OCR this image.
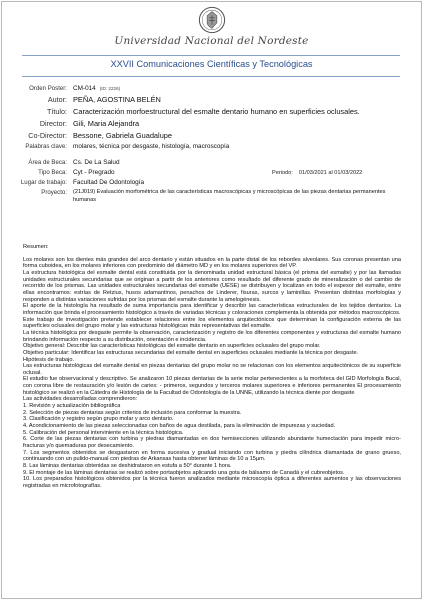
Universidad Nacional del Nordeste
XXVII Comunicaciones Científicas y Tecnológicas
Orden Poster: CM-014 (ID: 2226)
Autor: PEÑA, AGOSTINA BELÉN
Título: Caracterización morfoestructural del esmalte dentario humano en superficies oclusales.
Director: Gili, Maria Alejandra
Co-Director: Bessone, Gabriela Guadalupe
Palabras clave: molares, técnica por desgaste, histología, macroscopía
Área de Beca: Cs. De La Salud
Tipo Beca: Cyt - Pregrado	Periodo: 01/03/2021 al 01/03/2022
Lugar de trabajo: Facultad De Odontología
Proyecto: (21J019) Evaluación morfométrica de las características macroscópicas y microscópicas de las piezas dentarias permanentes humanas

Resumen:

Los molares son los dientes más grandes del arco dentario y están situados en la parte distal de los rebordes alveolares. Sus coronas presentan una forma cuboidea, en los molares inferiores con predominio del diámetro MD y en los molares superiores del VP.

La estructura histológica del esmalte dental está constituida por la denominada unidad estructural básica (el prisma del esmalte) y por las llamadas unidades estructurales secundarias que se originan a partir de los anteriores como resultado del diferente grado de mineralización o del cambio de recorrido de los prismas. Las unidades estructurales secundarias del esmalte (UESE) se distribuyen y localizan en todo el espesor del esmalte, entre ellas encontramos: estrías de Retzius, husos adamantinos, penachos de Linderer, fisuras, surcos y laminillas. Presentan distintas morfologías y responden a distintas variaciones sufridas por los prismas del esmalte durante la amelogénesis.

El aporte de la histología ha resultado de suma importancia para identificar y describir las características estructurales de los tejidos dentarios. La información que brinda el procesamiento histológico a través de variadas técnicas y coloraciones complementa la obtenida por métodos macroscópicos.

Este trabajo de investigación pretende establecer relaciones entre los elementos arquitectónicos que determinan la configuración externa de las superficies oclusales del grupo molar y las estructuras histológicas más representativas del esmalte.

La técnica histológica por desgaste permite la observación, caracterización y registro de los diferentes componentes y estructuras del esmalte humano brindando información respecto a su distribución, orientación e incidencia.

Objetivo general: Describir las características histológicas del esmalte dentario en superficies oclusales del grupo molar.

Objetivo particular: Identificar las estructuras secundarias del esmalte dental en superficies oclusales mediante la técnica por desgaste.

Hipótesis de trabajo.

Las estructuras histológicas del esmalte dental en piezas dentarias del grupo molar no se relacionan con los elementos arquitectónicos de su superficie oclusal.

El estudio fue observacional y descriptivo. Se analizaron 10 piezas dentarias de la serie molar pertenecientes a la morfoteca del GID Morfología Bucal, con corona libre de restauración y/o lesión de caries: - primeros, segundos y terceros molares superiores e inferiores permanentes El procesamiento histológico se realizó en la Cátedra de Histología de la Facultad de Odontología de la UNNE, utilizando la técnica diente por desgaste

Las actividades desarrolladas comprendieron:

1. Revisión y actualización bibliográfica

2. Selección de piezas dentarias según criterios de inclusión para conformar la muestra.

3. Clasificación y registro según grupo molar y arco dentario.

4. Acondicionamiento de las piezas seleccionadas con baños de agua destilada, para la eliminación de impurezas y suciedad.

5. Calibración del personal interviniente en la técnica histológica.

6. Corte de las piezas dentarias con turbina y piedras diamantadas en dos hemisecciones utilizando abundante humectación para impedir micro-fracturas y/o quemaduras por desecamiento.

7. Los segmentos obtenidos se desgastaron en forma sucesiva y gradual iniciando con turbina y piedra cilíndrica diamantada de grano grueso, continuando con un pulido-manual con piedras de Arkansas hasta obtener láminas de 10 a 15µm.

8. Las láminas dentarias obtenidas se deshidrataron en estufa a 50° durante 1 hora.

9. El montaje de las láminas dentarias se realizó sobre portaobjetos aplicando una gota de bálsamo de Canadá y el cubreobjetos.

10. Los preparados histológicos obtenidos por la técnica fueron analizados mediante microscopía óptica a diferentes aumentos y las observaciones registradas en microfotografías.
